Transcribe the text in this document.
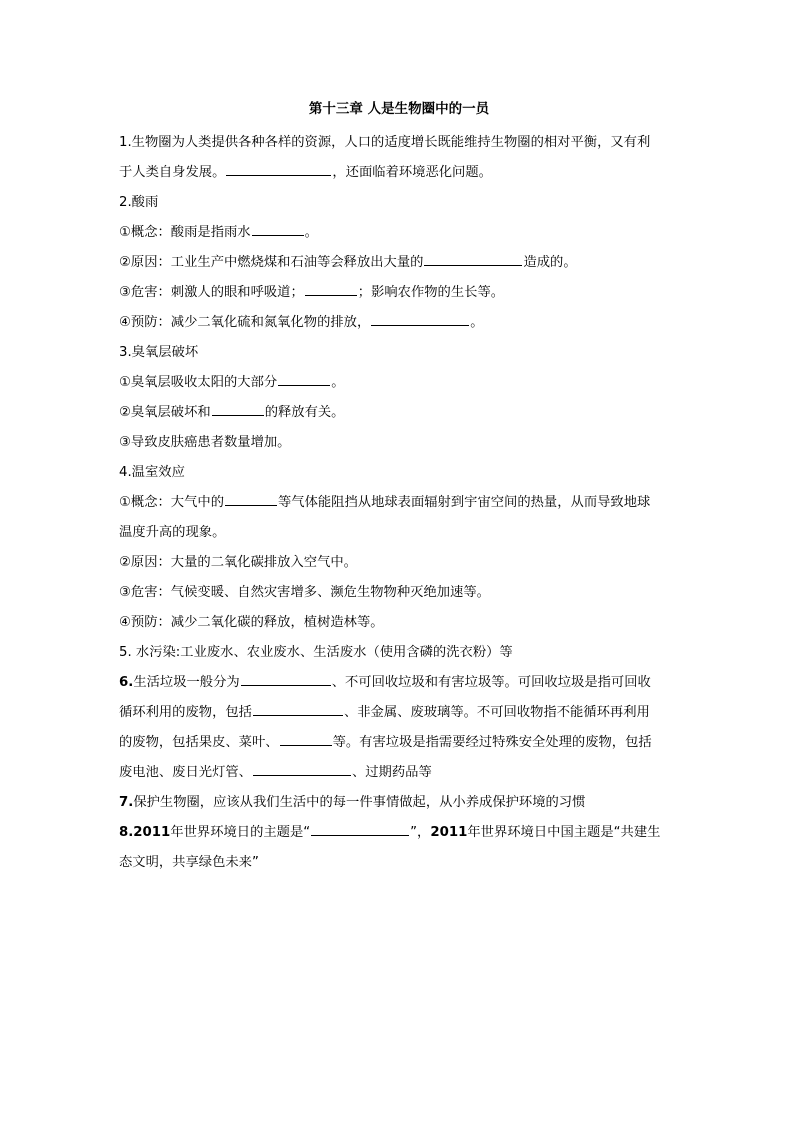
第十三章 人是生物圈中的一员
1.生物圈为人类提供各种各样的资源，人口的适度增长既能维持生物圈的相对平衡，又有利
于人类自身发展。	，还面临着环境恶化问题。
2.酸雨
①概念：酸雨是指雨水	。
②原因：工业生产中燃烧煤和石油等会释放出大量的	造成的。
③危害：刺激人的眼和呼吸道；	；影响农作物的生长等。
④预防：减少二氧化硫和氮氧化物的排放，	。
3.臭氧层破坏
①臭氧层吸收太阳的大部分	。
②臭氧层破坏和	的释放有关。
③导致皮肤癌患者数量增加。
4.温室效应
①概念：大气中的	等气体能阻挡从地球表面辐射到宇宙空间的热量，从而导致地球
温度升高的现象。
②原因：大量的二氧化碳排放入空气中。
③危害：气候变暖、自然灾害增多、濒危生物物种灭绝加速等。
④预防：减少二氧化碳的释放，植树造林等。
5. 水污染:工业废水、农业废水、生活废水（使用含磷的洗衣粉）等
6.生活垃圾一般分为	、不可回收垃圾和有害垃圾等。可回收垃圾是指可回收
循环利用的废物，包括	、非金属、废玻璃等。不可回收物指不能循环再利用
的废物，包括果皮、菜叶、	等。有害垃圾是指需要经过特殊安全处理的废物，包括
废电池、废日光灯管、	、过期药品等
7.保护生物圈，应该从我们生活中的每一件事情做起，从小养成保护环境的习惯
8.2011年世界环境日的主题是“	”，2011年世界环境日中国主题是“共建生
态文明，共享绿色未来”
